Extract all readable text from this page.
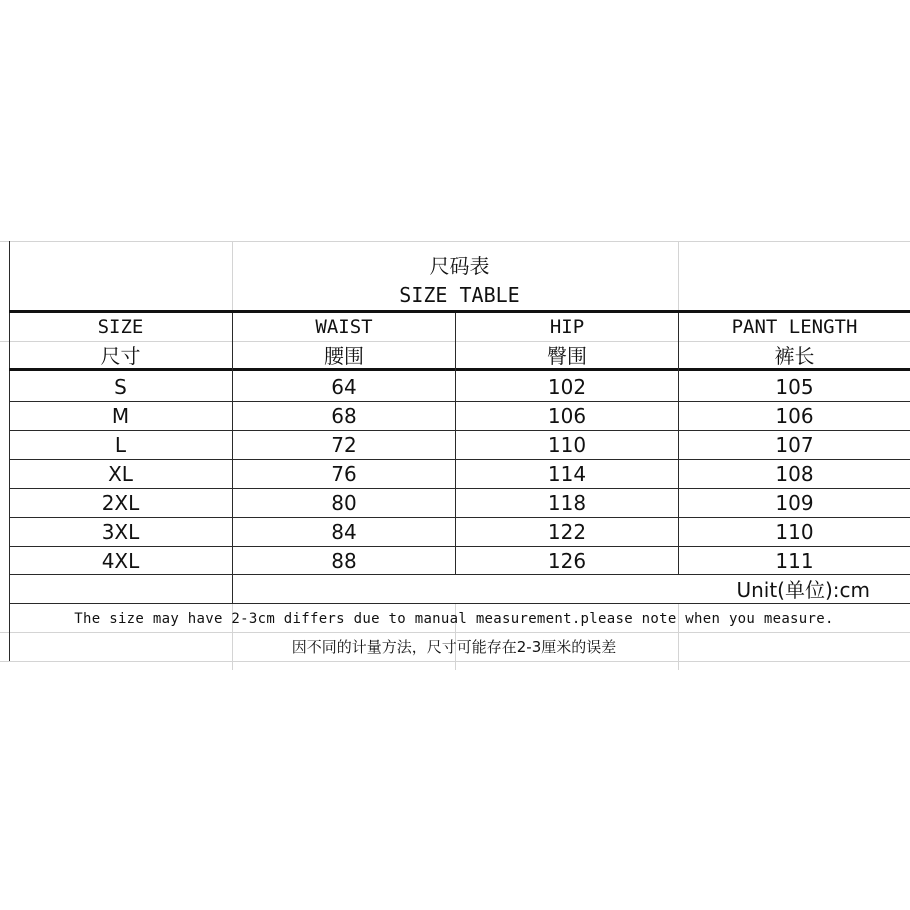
尺码表
SIZE TABLE
SIZE	WAIST	HIP	PANT LENGTH
尺寸	腰围	臀围	裤长
S	64	102	105
M	68	106	106
L	72	110	107
XL	76	114	108
2XL	80	118	109
3XL	84	122	110
4XL	88	126	111
Unit(单位):cm
The size may have 2-3cm differs due to manual measurement.please note when you measure.
因不同的计量方法，尺寸可能存在2-3厘米的误差
